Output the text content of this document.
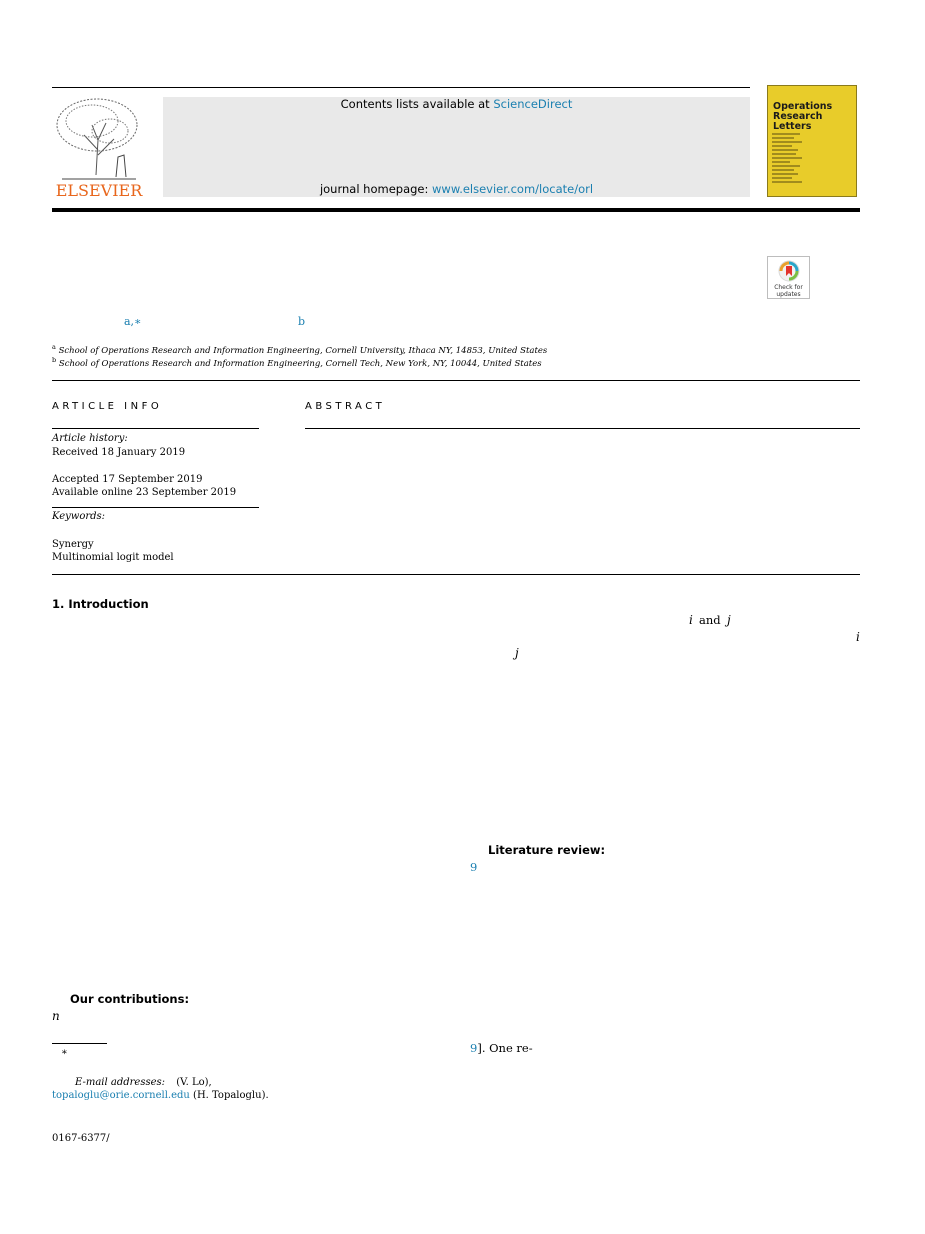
ELSEVIER
Contents lists available at ScienceDirect
journal homepage: www.elsevier.com/locate/orl
Operations Research Letters
Check for updates
a,∗	b
$^a$ School of Operations Research and Information Engineering, Cornell University, Ithaca NY, 14853, United States
$^b$ School of Operations Research and Information Engineering, Cornell Tech, New York, NY, 10044, United States
ARTICLE INFO
Article history:
Received 18 January 2019
Accepted 17 September 2019
Available online 23 September 2019
Keywords:
Synergy
Multinomial logit model
ABSTRACT
1. Introduction
Our contributions:
n
∗
E-mail addresses: (V. Lo),
topaloglu@orie.cornell.edu (H. Topaloglu).
0167-6377/
i and j
i
j
Literature review:
9
9]. One re-
